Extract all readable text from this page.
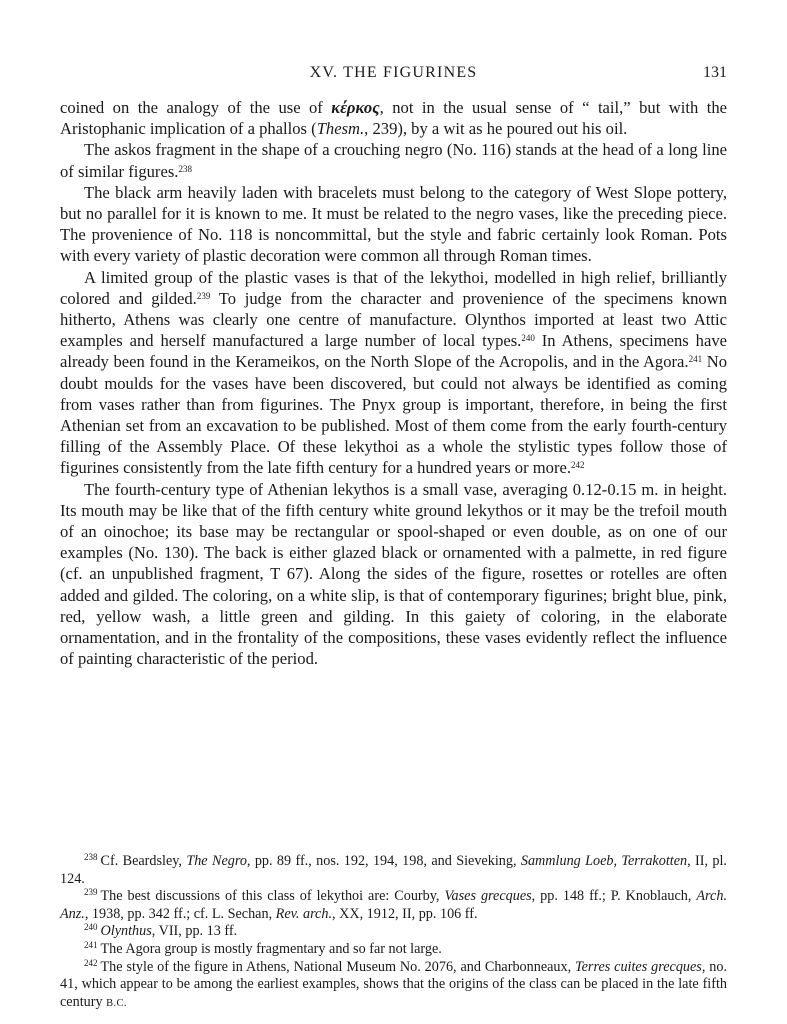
XV. THE FIGURINES	131

coined on the analogy of the use of κέρκος, not in the usual sense of “ tail,” but with the Aristophanic implication of a phallos (Thesm., 239), by a wit as he poured out his oil.

The askos fragment in the shape of a crouching negro (No. 116) stands at the head of a long line of similar figures.$^{238}$

The black arm heavily laden with bracelets must belong to the category of West Slope pottery, but no parallel for it is known to me. It must be related to the negro vases, like the preceding piece. The provenience of No. 118 is noncommittal, but the style and fabric certainly look Roman. Pots with every variety of plastic decoration were common all through Roman times.

A limited group of the plastic vases is that of the lekythoi, modelled in high relief, brilliantly colored and gilded.$^{239}$ To judge from the character and provenience of the specimens known hitherto, Athens was clearly one centre of manufacture. Olynthos imported at least two Attic examples and herself manufactured a large number of local types.$^{240}$ In Athens, specimens have already been found in the Kerameikos, on the North Slope of the Acropolis, and in the Agora.$^{241}$ No doubt moulds for the vases have been discovered, but could not always be identified as coming from vases rather than from figurines. The Pnyx group is important, therefore, in being the first Athenian set from an excavation to be published. Most of them come from the early fourth-century filling of the Assembly Place. Of these lekythoi as a whole the stylistic types follow those of figurines consistently from the late fifth century for a hundred years or more.$^{242}$

The fourth-century type of Athenian lekythos is a small vase, averaging 0.12-0.15 m. in height. Its mouth may be like that of the fifth century white ground lekythos or it may be the trefoil mouth of an oinochoe; its base may be rectangular or spool-shaped or even double, as on one of our examples (No. 130). The back is either glazed black or ornamented with a palmette, in red figure (cf. an unpublished fragment, T 67). Along the sides of the figure, rosettes or rotelles are often added and gilded. The coloring, on a white slip, is that of contemporary figurines; bright blue, pink, red, yellow wash, a little green and gilding. In this gaiety of coloring, in the elaborate ornamentation, and in the frontality of the compositions, these vases evidently reflect the influence of painting characteristic of the period.

$^{238}$ Cf. Beardsley, The Negro, pp. 89 ff., nos. 192, 194, 198, and Sieveking, Sammlung Loeb, Terrakotten, II, pl. 124.

$^{239}$ The best discussions of this class of lekythoi are: Courby, Vases grecques, pp. 148 ff.; P. Knoblauch, Arch. Anz., 1938, pp. 342 ff.; cf. L. Sechan, Rev. arch., XX, 1912, II, pp. 106 ff.

$^{240}$ Olynthus, VII, pp. 13 ff.

$^{241}$ The Agora group is mostly fragmentary and so far not large.

$^{242}$ The style of the figure in Athens, National Museum No. 2076, and Charbonneaux, Terres cuites grecques, no. 41, which appear to be among the earliest examples, shows that the origins of the class can be placed in the late fifth century B.C.
